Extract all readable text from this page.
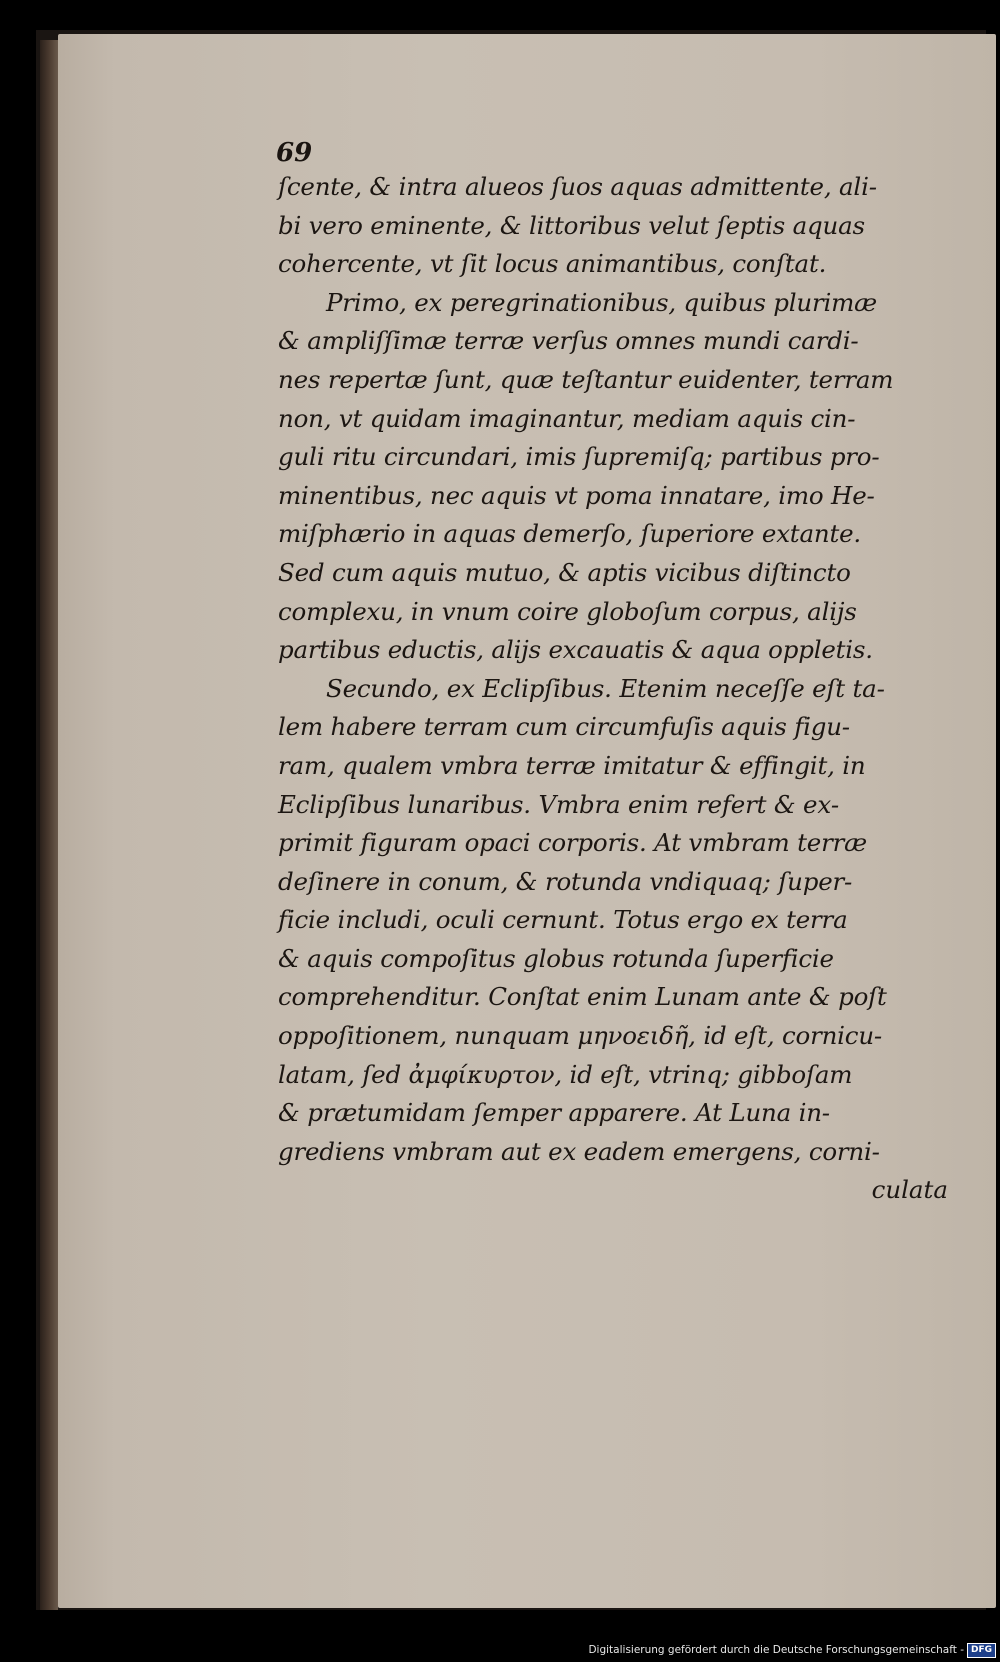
69
ſcente, & intra alueos ſuos aquas admittente, ali‑
bi vero eminente, & littoribus velut ſeptis aquas
cohercente, vt ſit locus animantibus, conſtat.
Primo, ex peregrinationibus, quibus plurimæ
& ampliſſimæ terræ verſus omnes mundi cardi‑
nes repertæ ſunt, quæ teſtantur euidenter, terram
non, vt quidam imaginantur, mediam aquis cin‑
guli ritu circundari, imis ſupremiſq; partibus pro‑
minentibus, nec aquis vt poma innatare, imo He‑
miſphærio in aquas demerſo, ſuperiore extante.
Sed cum aquis mutuo, & aptis vicibus diſtincto
complexu, in vnum coire globoſum corpus, alijs
partibus eductis, alijs excauatis & aqua oppletis.
Secundo, ex Eclipſibus. Etenim neceſſe eſt ta‑
lem habere terram cum circumfuſis aquis figu‑
ram, qualem vmbra terræ imitatur & effingit, in
Eclipſibus lunaribus. Vmbra enim refert & ex‑
primit figuram opaci corporis. At vmbram terræ
deſinere in conum, & rotunda vndiquaq; ſuper‑
ficie includi, oculi cernunt. Totus ergo ex terra
& aquis compoſitus globus rotunda ſuperficie
comprehenditur. Conſtat enim Lunam ante & poſt
oppoſitionem, nunquam μηνοειδῆ, id eſt, cornicu‑
latam, ſed ἀμφίκυρτον, id eſt, vtrinq; gibboſam
& prætumidam ſemper apparere. At Luna in‑
grediens vmbram aut ex eadem emergens, corni‑
culata
Digitalisierung gefördert durch die Deutsche Forschungsgemeinschaft - DFG
